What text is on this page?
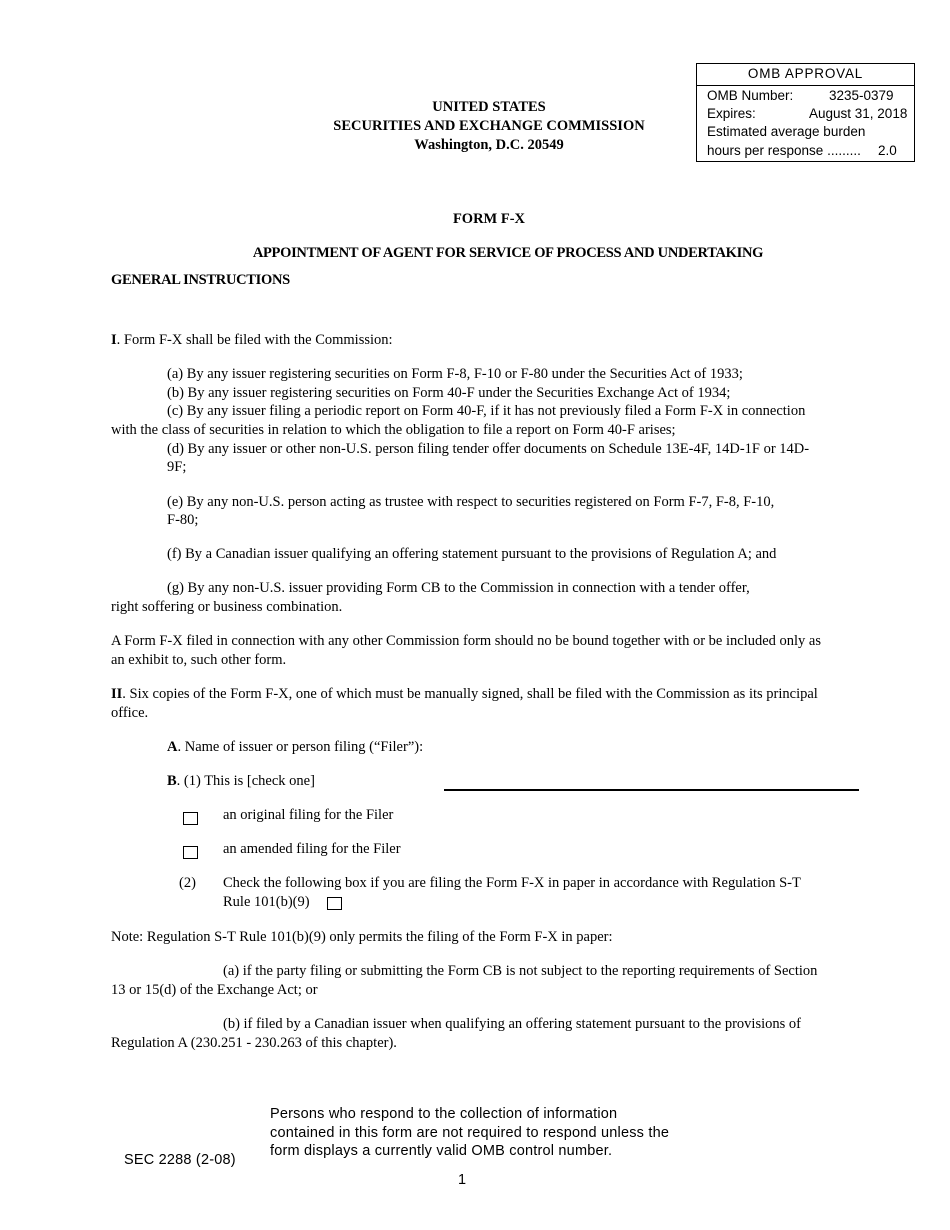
OMB APPROVAL
OMB Number:	3235-0379
Expires:	August 31, 2018
Estimated average burden
hours per response ......... 2.0
UNITED STATES
SECURITIES AND EXCHANGE COMMISSION
Washington, D.C. 20549
FORM F-X
APPOINTMENT OF AGENT FOR SERVICE OF PROCESS AND UNDERTAKING
GENERAL INSTRUCTIONS
I. Form F-X shall be filed with the Commission:
(a) By any issuer registering securities on Form F-8, F-10 or F-80 under the Securities Act of 1933;
(b) By any issuer registering securities on Form 40-F under the Securities Exchange Act of 1934;
(c) By any issuer filing a periodic report on Form 40-F, if it has not previously filed a Form F-X in connection
with the class of securities in relation to which the obligation to file a report on Form 40-F arises;
(d) By any issuer or other non-U.S. person filing tender offer documents on Schedule 13E-4F, 14D-1F or 14D-
9F;
(e) By any non-U.S. person acting as trustee with respect to securities registered on Form F-7, F-8, F-10,
F-80;
(f) By a Canadian issuer qualifying an offering statement pursuant to the provisions of Regulation A; and
(g) By any non-U.S. issuer providing Form CB to the Commission in connection with a tender offer,
right soffering or business combination.
A Form F-X filed in connection with any other Commission form should no be bound together with or be included only as
an exhibit to, such other form.
II. Six copies of the Form F-X, one of which must be manually signed, shall be filed with the Commission as its principal
office.
A. Name of issuer or person filing (“Filer”):
B. (1) This is [check one]
an original filing for the Filer
an amended filing for the Filer
(2) Check the following box if you are filing the Form F-X in paper in accordance with Regulation S-T
Rule 101(b)(9)
Note: Regulation S-T Rule 101(b)(9) only permits the filing of the Form F-X in paper:
(a) if the party filing or submitting the Form CB is not subject to the reporting requirements of Section
13 or 15(d) of the Exchange Act; or
(b) if filed by a Canadian issuer when qualifying an offering statement pursuant to the provisions of
Regulation A (230.251 - 230.263 of this chapter).
Persons who respond to the collection of information
contained in this form are not required to respond unless the
form displays a currently valid OMB control number.
SEC 2288 (2-08)
1
